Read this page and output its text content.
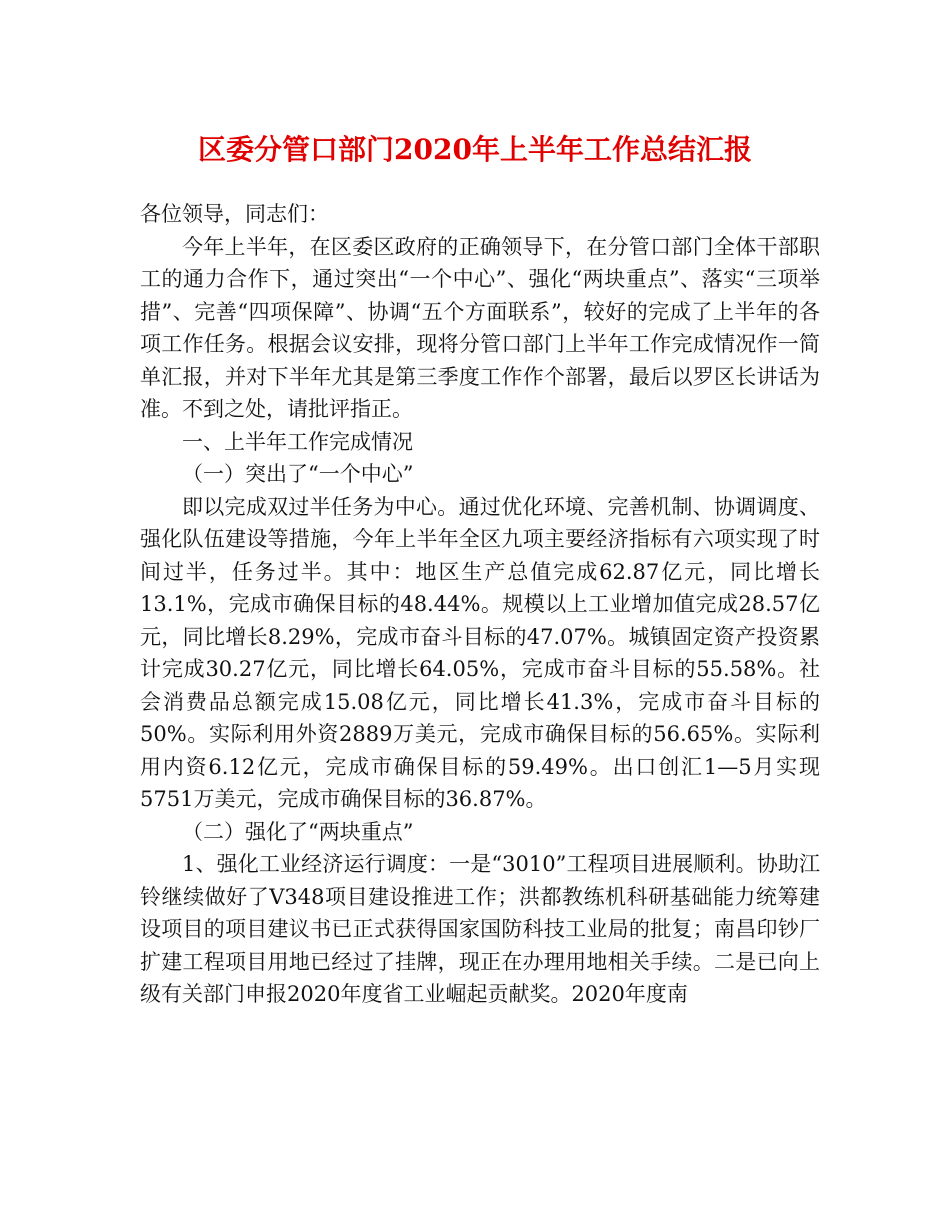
区委分管口部门2020年上半年工作总结汇报

各位领导，同志们：

今年上半年，在区委区政府的正确领导下，在分管口部门全体干部职工的通力合作下，通过突出“一个中心”、强化“两块重点”、落实“三项举措”、完善“四项保障”、协调“五个方面联系”，较好的完成了上半年的各项工作任务。根据会议安排，现将分管口部门上半年工作完成情况作一简单汇报，并对下半年尤其是第三季度工作作个部署，最后以罗区长讲话为准。不到之处，请批评指正。

一、上半年工作完成情况

（一）突出了“一个中心”

即以完成双过半任务为中心。通过优化环境、完善机制、协调调度、强化队伍建设等措施，今年上半年全区九项主要经济指标有六项实现了时间过半，任务过半。其中：地区生产总值完成62.87亿元，同比增长13.1%，完成市确保目标的48.44%。规模以上工业增加值完成28.57亿元，同比增长8.29%，完成市奋斗目标的47.07%。城镇固定资产投资累计完成30.27亿元，同比增长64.05%，完成市奋斗目标的55.58%。社会消费品总额完成15.08亿元，同比增长41.3%，完成市奋斗目标的50%。实际利用外资2889万美元，完成市确保目标的56.65%。实际利用内资6.12亿元，完成市确保目标的59.49%。出口创汇1—5月实现5751万美元，完成市确保目标的36.87%。

（二）强化了“两块重点”

1、强化工业经济运行调度：一是“3010”工程项目进展顺利。协助江铃继续做好了V348项目建设推进工作；洪都教练机科研基础能力统筹建设项目的项目建议书已正式获得国家国防科技工业局的批复；南昌印钞厂扩建工程项目用地已经过了挂牌，现正在办理用地相关手续。二是已向上级有关部门申报2020年度省工业崛起贡献奖。2020年度南
